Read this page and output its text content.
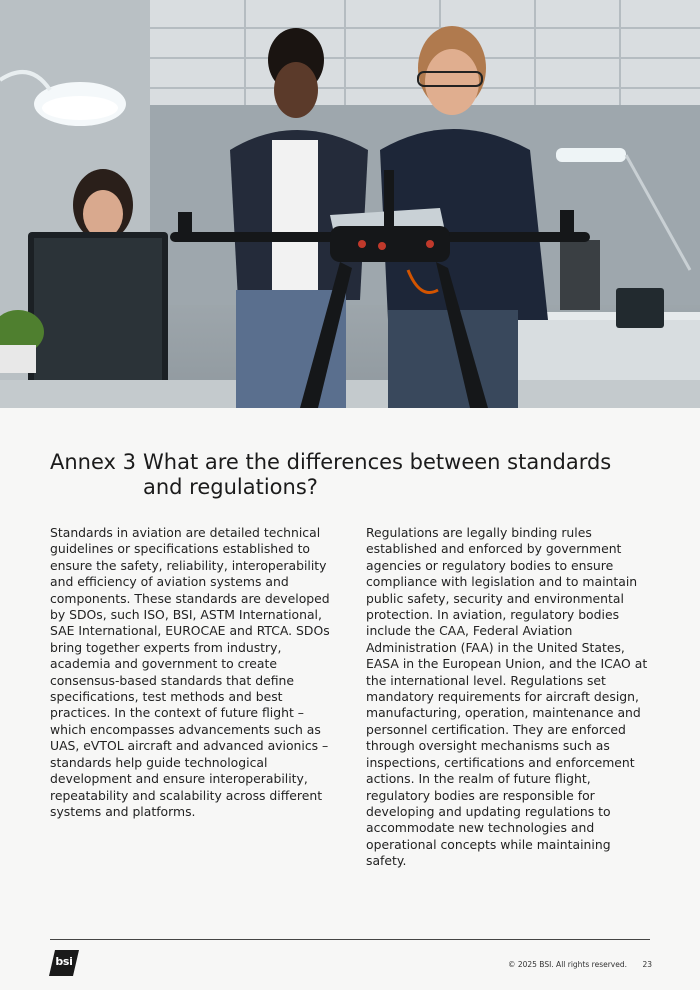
Annex 3 What are the differences between standards and regulations?
Standards in aviation are detailed technical guidelines or specifications established to ensure the safety, reliability, interoperability and efficiency of aviation systems and components. These standards are developed by SDOs, such ISO, BSI, ASTM International, SAE International, EUROCAE and RTCA. SDOs bring together experts from industry, academia and government to create consensus-based standards that define specifications, test methods and best practices. In the context of future flight – which encompasses advancements such as UAS, eVTOL aircraft and advanced avionics – standards help guide technological development and ensure interoperability, repeatability and scalability across different systems and platforms.
Regulations are legally binding rules established and enforced by government agencies or regulatory bodies to ensure compliance with legislation and to maintain public safety, security and environmental protection. In aviation, regulatory bodies include the CAA, Federal Aviation Administration (FAA) in the United States, EASA in the European Union, and the ICAO at the international level. Regulations set mandatory requirements for aircraft design, manufacturing, operation, maintenance and personnel certification. They are enforced through oversight mechanisms such as inspections, certifications and enforcement actions. In the realm of future flight, regulatory bodies are responsible for developing and updating regulations to accommodate new technologies and operational concepts while maintaining safety.
bsi	© 2025 BSI. All rights reserved. 23
